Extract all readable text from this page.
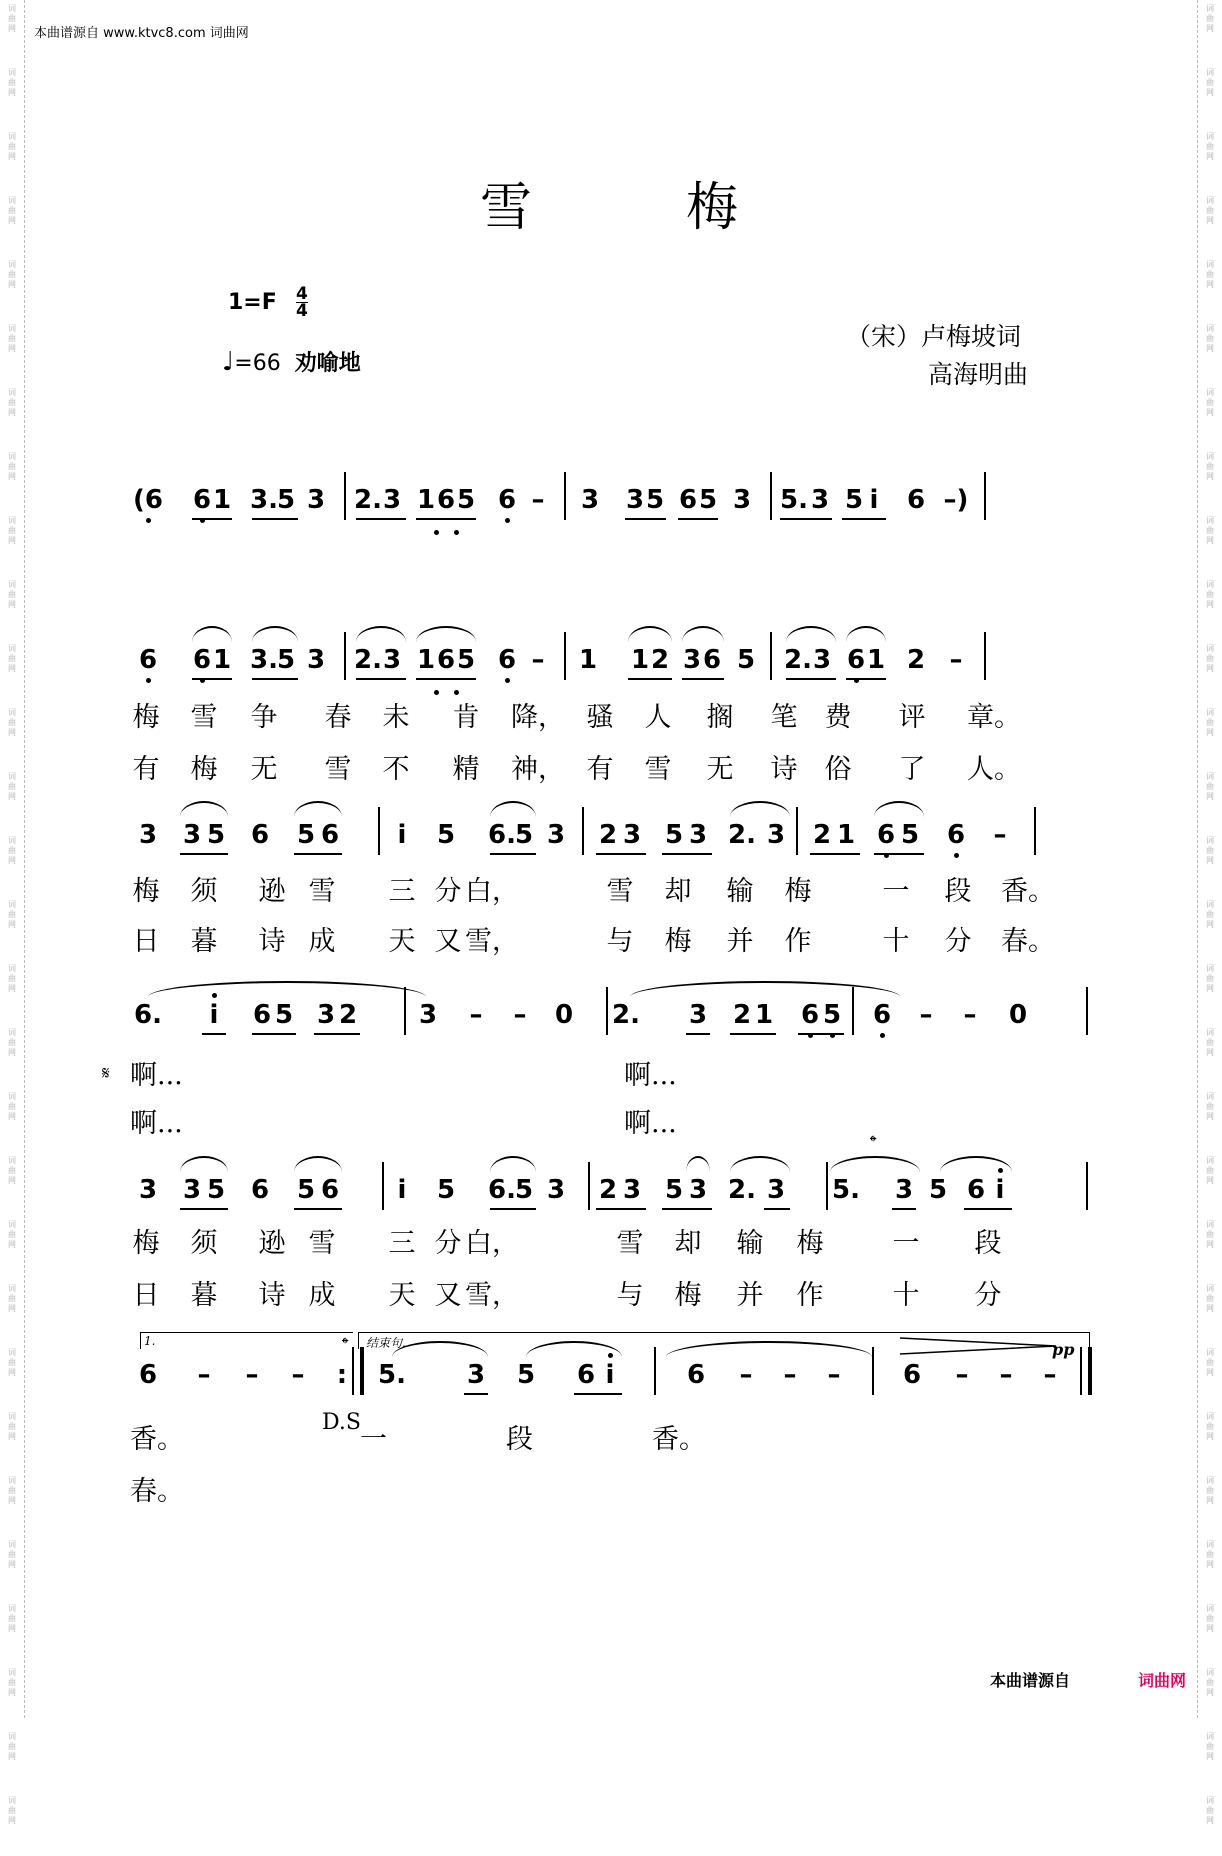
词
曲
网
词
曲
网
词
曲
网
词
曲
网
词
曲
网
词
曲
网
词
曲
网
词
曲
网
词
曲
网
词
曲
网
词
曲
网
词
曲
网
词
曲
网
词
曲
网
词
曲
网
词
曲
网
词
曲
网
词
曲
网
词
曲
网
词
曲
网
词
曲
网
词
曲
网
词
曲
网
词
曲
网
词
曲
网
词
曲
网
词
曲
网
词
曲
网
词
曲
网
词
曲
网
词
曲
网
词
曲
网
词
曲
网
词
曲
网
词
曲
网
词
曲
网
词
曲
网
词
曲
网
词
曲
网
词
曲
网
词
曲
网
词
曲
网
词
曲
网
词
曲
网
词
曲
网
词
曲
网
词
曲
网
词
曲
网
词
曲
网
词
曲
网
词
曲
网
词
曲
网
词
曲
网
词
曲
网
词
曲
网
词
曲
网
词
曲
网
词
曲
网
本曲谱源自 www.ktvc8.com 词曲网
雪	梅
1=F 4
4
♩=66 劝喻地
（宋）卢梅坡词
高海明曲
(6 6 1 3.
5 3 2. 3 1 6 5 6 – 3 3 5 6 5 3 5. 3 5 i 6 –)
6 6 1 3.
5 3 2. 3 1 6 5 6 – 1 1 2 3 6 5 2. 3 6 1 2 –
梅 雪 争 春 未 肯 降， 骚 人 搁 笔 费 评 章。
有 梅 无 雪 不 精 神， 有 雪 无 诗 俗 了 人。
3 3 5 6 5 6 i 5 6.
5 3 2 3 5 3 2. 3 2 1 6 5 6 –
梅 须 逊 雪 三 分 白，	雪 却 输 梅	一 段 香。
日 暮 诗 成 天 又 雪，	与 梅 并 作	十 分 春。
6. i 6 5 3 2 3 – – 0 2. 3 2 1 6 5 6 – – 0
𝄋 啊...	啊...
啊...	啊...
3 3 5 6 5 6 i 5 6.
5 3 2 3 5 3 2. 3 5. 3 5 6 i
𝄌
梅 须 逊 雪 三 分 白，	雪 却 输 梅	一 段
日 暮 诗 成 天 又 雪，	与 梅 并 作	十 分
6 – – – : 5. 3 5 6 i	6 – – – 6 – – –
1.	𝄌 结束句.
D.S
pp
香。	一	段	香。
春。
本曲谱源自	词曲网
